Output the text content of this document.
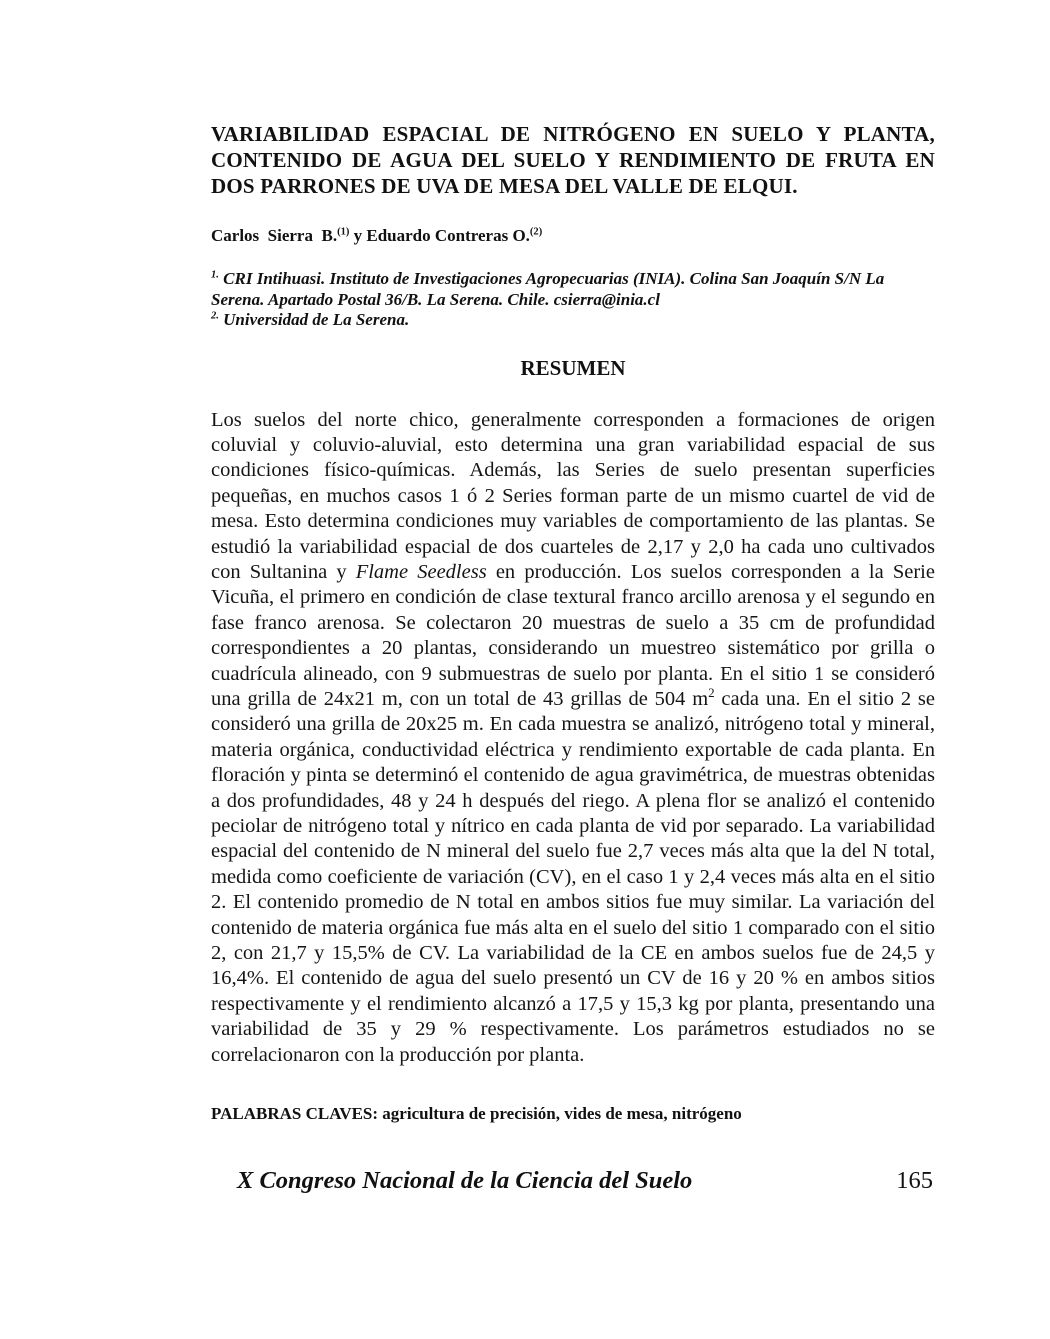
VARIABILIDAD ESPACIAL DE NITRÓGENO EN SUELO Y PLANTA,
CONTENIDO DE AGUA DEL SUELO Y RENDIMIENTO DE FRUTA EN
DOS PARRONES DE UVA DE MESA DEL VALLE DE ELQUI.

Carlos  Sierra  B.$^{(1)}$ y Eduardo Contreras O.$^{(2)}$

$^{1.}$ CRI Intihuasi. Instituto de Investigaciones Agropecuarias (INIA). Colina San Joaquín S/N La Serena. Apartado Postal 36/B. La Serena. Chile. csierra@inia.cl

$^{2.}$ Universidad de La Serena.

RESUMEN

Los suelos del norte chico, generalmente corresponden a formaciones de origen coluvial y coluvio-aluvial, esto determina una gran variabilidad espacial de sus condiciones físico-químicas. Además, las Series de suelo presentan superficies pequeñas, en muchos casos 1 ó 2 Series forman parte de un mismo cuartel de vid de mesa. Esto determina condiciones muy variables de comportamiento de las plantas. Se estudió la variabilidad espacial de dos cuarteles de 2,17 y 2,0 ha cada uno cultivados con Sultanina y Flame Seedless en producción. Los suelos corresponden a la Serie Vicuña, el primero en condición de clase textural franco arcillo arenosa y el segundo en fase franco arenosa. Se colectaron 20 muestras de suelo a 35 cm de profundidad correspondientes a 20 plantas, considerando un muestreo sistemático por grilla o cuadrícula alineado, con 9 submuestras de suelo por planta. En el sitio 1 se consideró una grilla de 24x21 m, con un total de 43 grillas de 504 $m^2$ cada una. En el sitio 2 se consideró una grilla de 20x25 m. En cada muestra se analizó, nitrógeno total y mineral, materia orgánica, conductividad eléctrica y rendimiento exportable de cada planta. En floración y pinta se determinó el contenido de agua gravimétrica, de muestras obtenidas a dos profundidades, 48 y 24 h después del riego. A plena flor se analizó el contenido peciolar de nitrógeno total y nítrico en cada planta de vid por separado. La variabilidad espacial del contenido de N mineral del suelo fue 2,7 veces más alta que la del N total, medida como coeficiente de variación (CV), en el caso 1 y 2,4 veces más alta en el sitio 2. El contenido promedio de N total en ambos sitios fue muy similar. La variación del contenido de materia orgánica fue más alta en el suelo del sitio 1 comparado con el sitio 2, con 21,7 y 15,5% de CV. La variabilidad de la CE en ambos suelos fue de 24,5 y 16,4%. El contenido de agua del suelo presentó un CV de 16 y 20 % en ambos sitios respectivamente y el rendimiento alcanzó a 17,5 y 15,3 kg por planta, presentando una variabilidad de 35 y 29 % respectivamente. Los parámetros estudiados no se correlacionaron con la producción por planta.

PALABRAS CLAVES: agricultura de precisión, vides de mesa, nitrógeno

X Congreso Nacional de la Ciencia del Suelo	165
